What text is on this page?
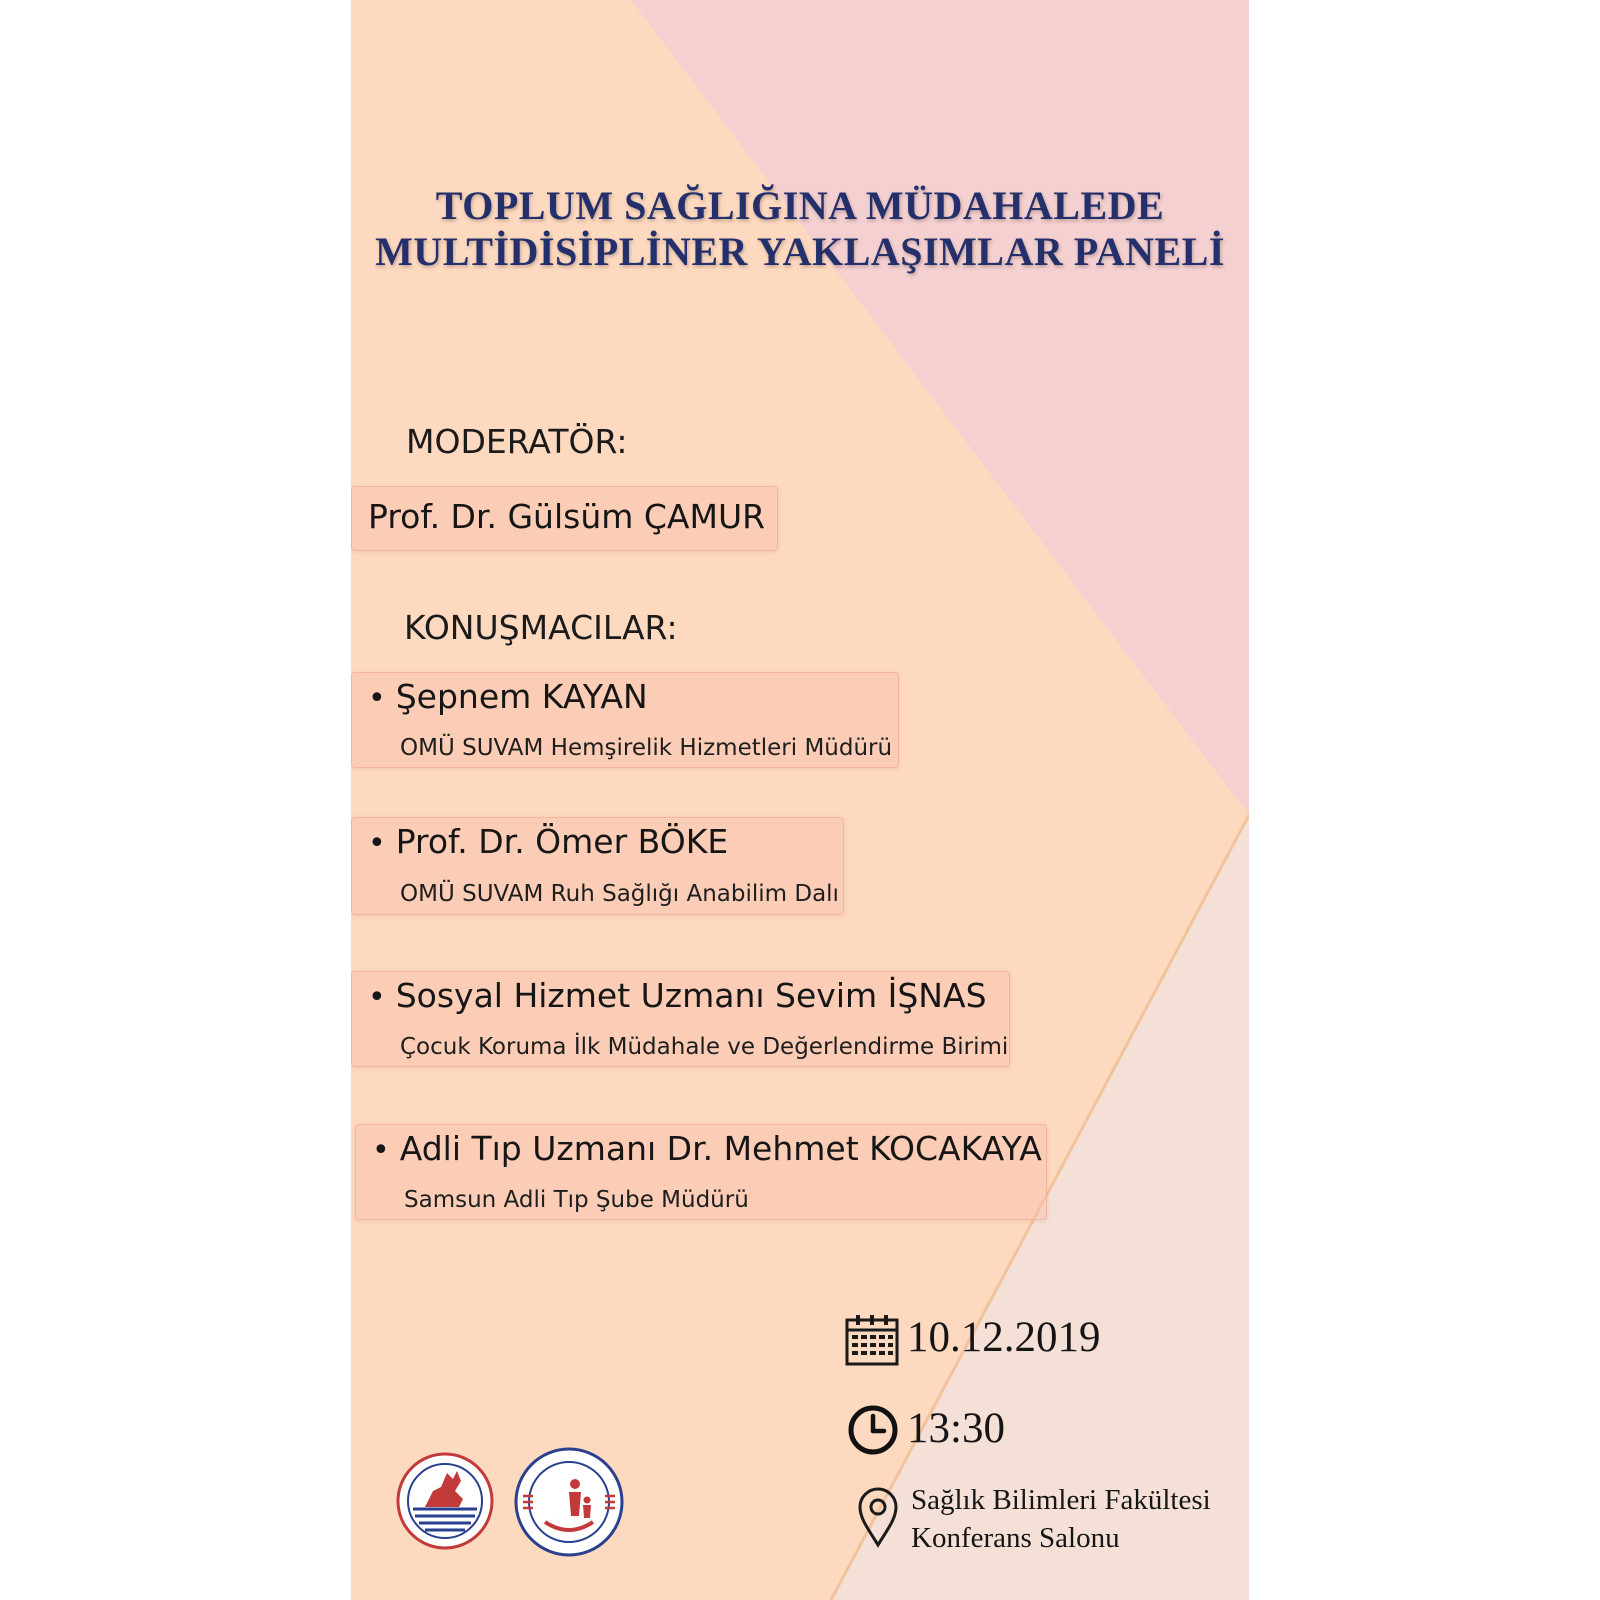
TOPLUM SAĞLIĞINA MÜDAHALEDE
MULTİDİSİPLİNER YAKLAŞIMLAR PANELİ
MODERATÖR:
Prof. Dr. Gülsüm ÇAMUR
KONUŞMACILAR:
• Şepnem KAYAN
OMÜ SUVAM Hemşirelik Hizmetleri Müdürü
• Prof. Dr. Ömer BÖKE
OMÜ SUVAM Ruh Sağlığı Anabilim Dalı
• Sosyal Hizmet Uzmanı Sevim İŞNAS
Çocuk Koruma İlk Müdahale ve Değerlendirme Birimi
• Adli Tıp Uzmanı Dr. Mehmet KOCAKAYA
Samsun Adli Tıp Şube Müdürü
10.12.2019
13:30
Sağlık Bilimleri Fakültesi
Konferans Salonu
